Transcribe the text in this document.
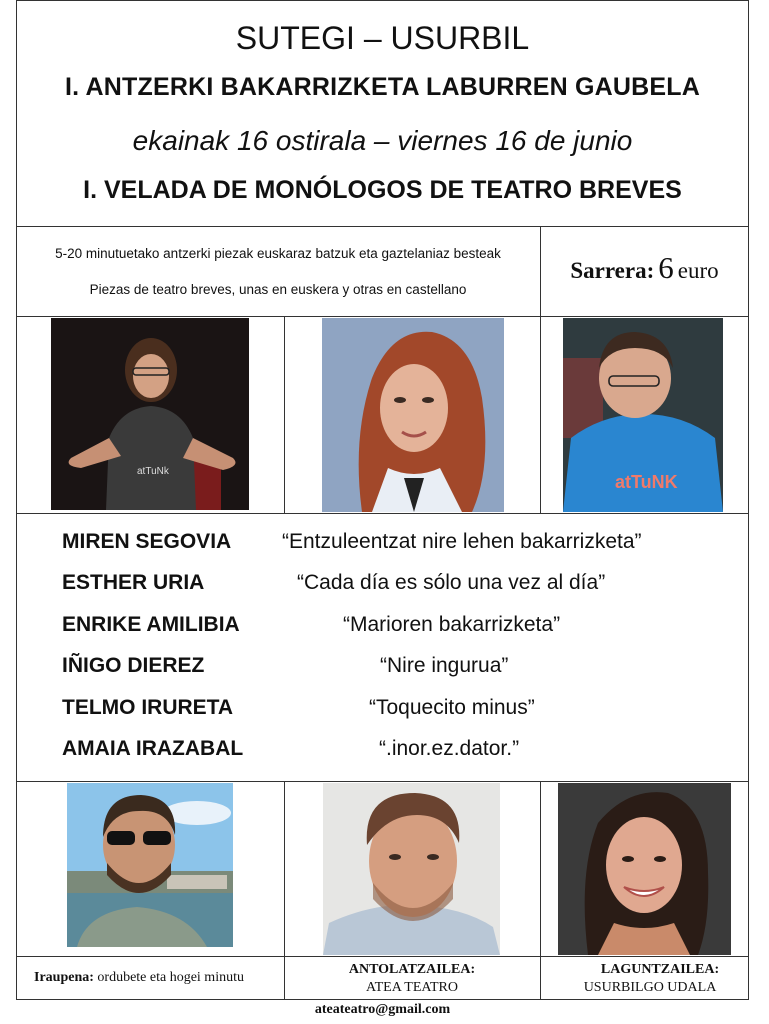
SUTEGI – USURBIL
I. ANTZERKI BAKARRIZKETA LABURREN GAUBELA
ekainak 16 ostirala – viernes 16 de junio
I. VELADA DE MONÓLOGOS DE TEATRO BREVES
5-20 minutuetako antzerki piezak euskaraz batzuk eta gaztelaniaz besteak
Piezas de teatro breves, unas en euskera y otras en castellano
Sarrera: 6 euro
atTuNk
atTuNK
MIREN SEGOVIA “Entzuleentzat nire lehen bakarrizketa”
ESTHER URIA	“Cada día es sólo una vez al día”
ENRIKE AMILIBIA	“Marioren bakarrizketa”
IÑIGO DIEREZ	“Nire ingurua”
TELMO IRURETA	“Toquecito minus”
AMAIA IRAZABAL	“.inor.ez.dator.”
Iraupena: ordubete eta hogei minutu
ANTOLATZAILEA:
ATEA TEATRO
LAGUNTZAILEA:
USURBILGO UDALA
ateateatro@gmail.com
